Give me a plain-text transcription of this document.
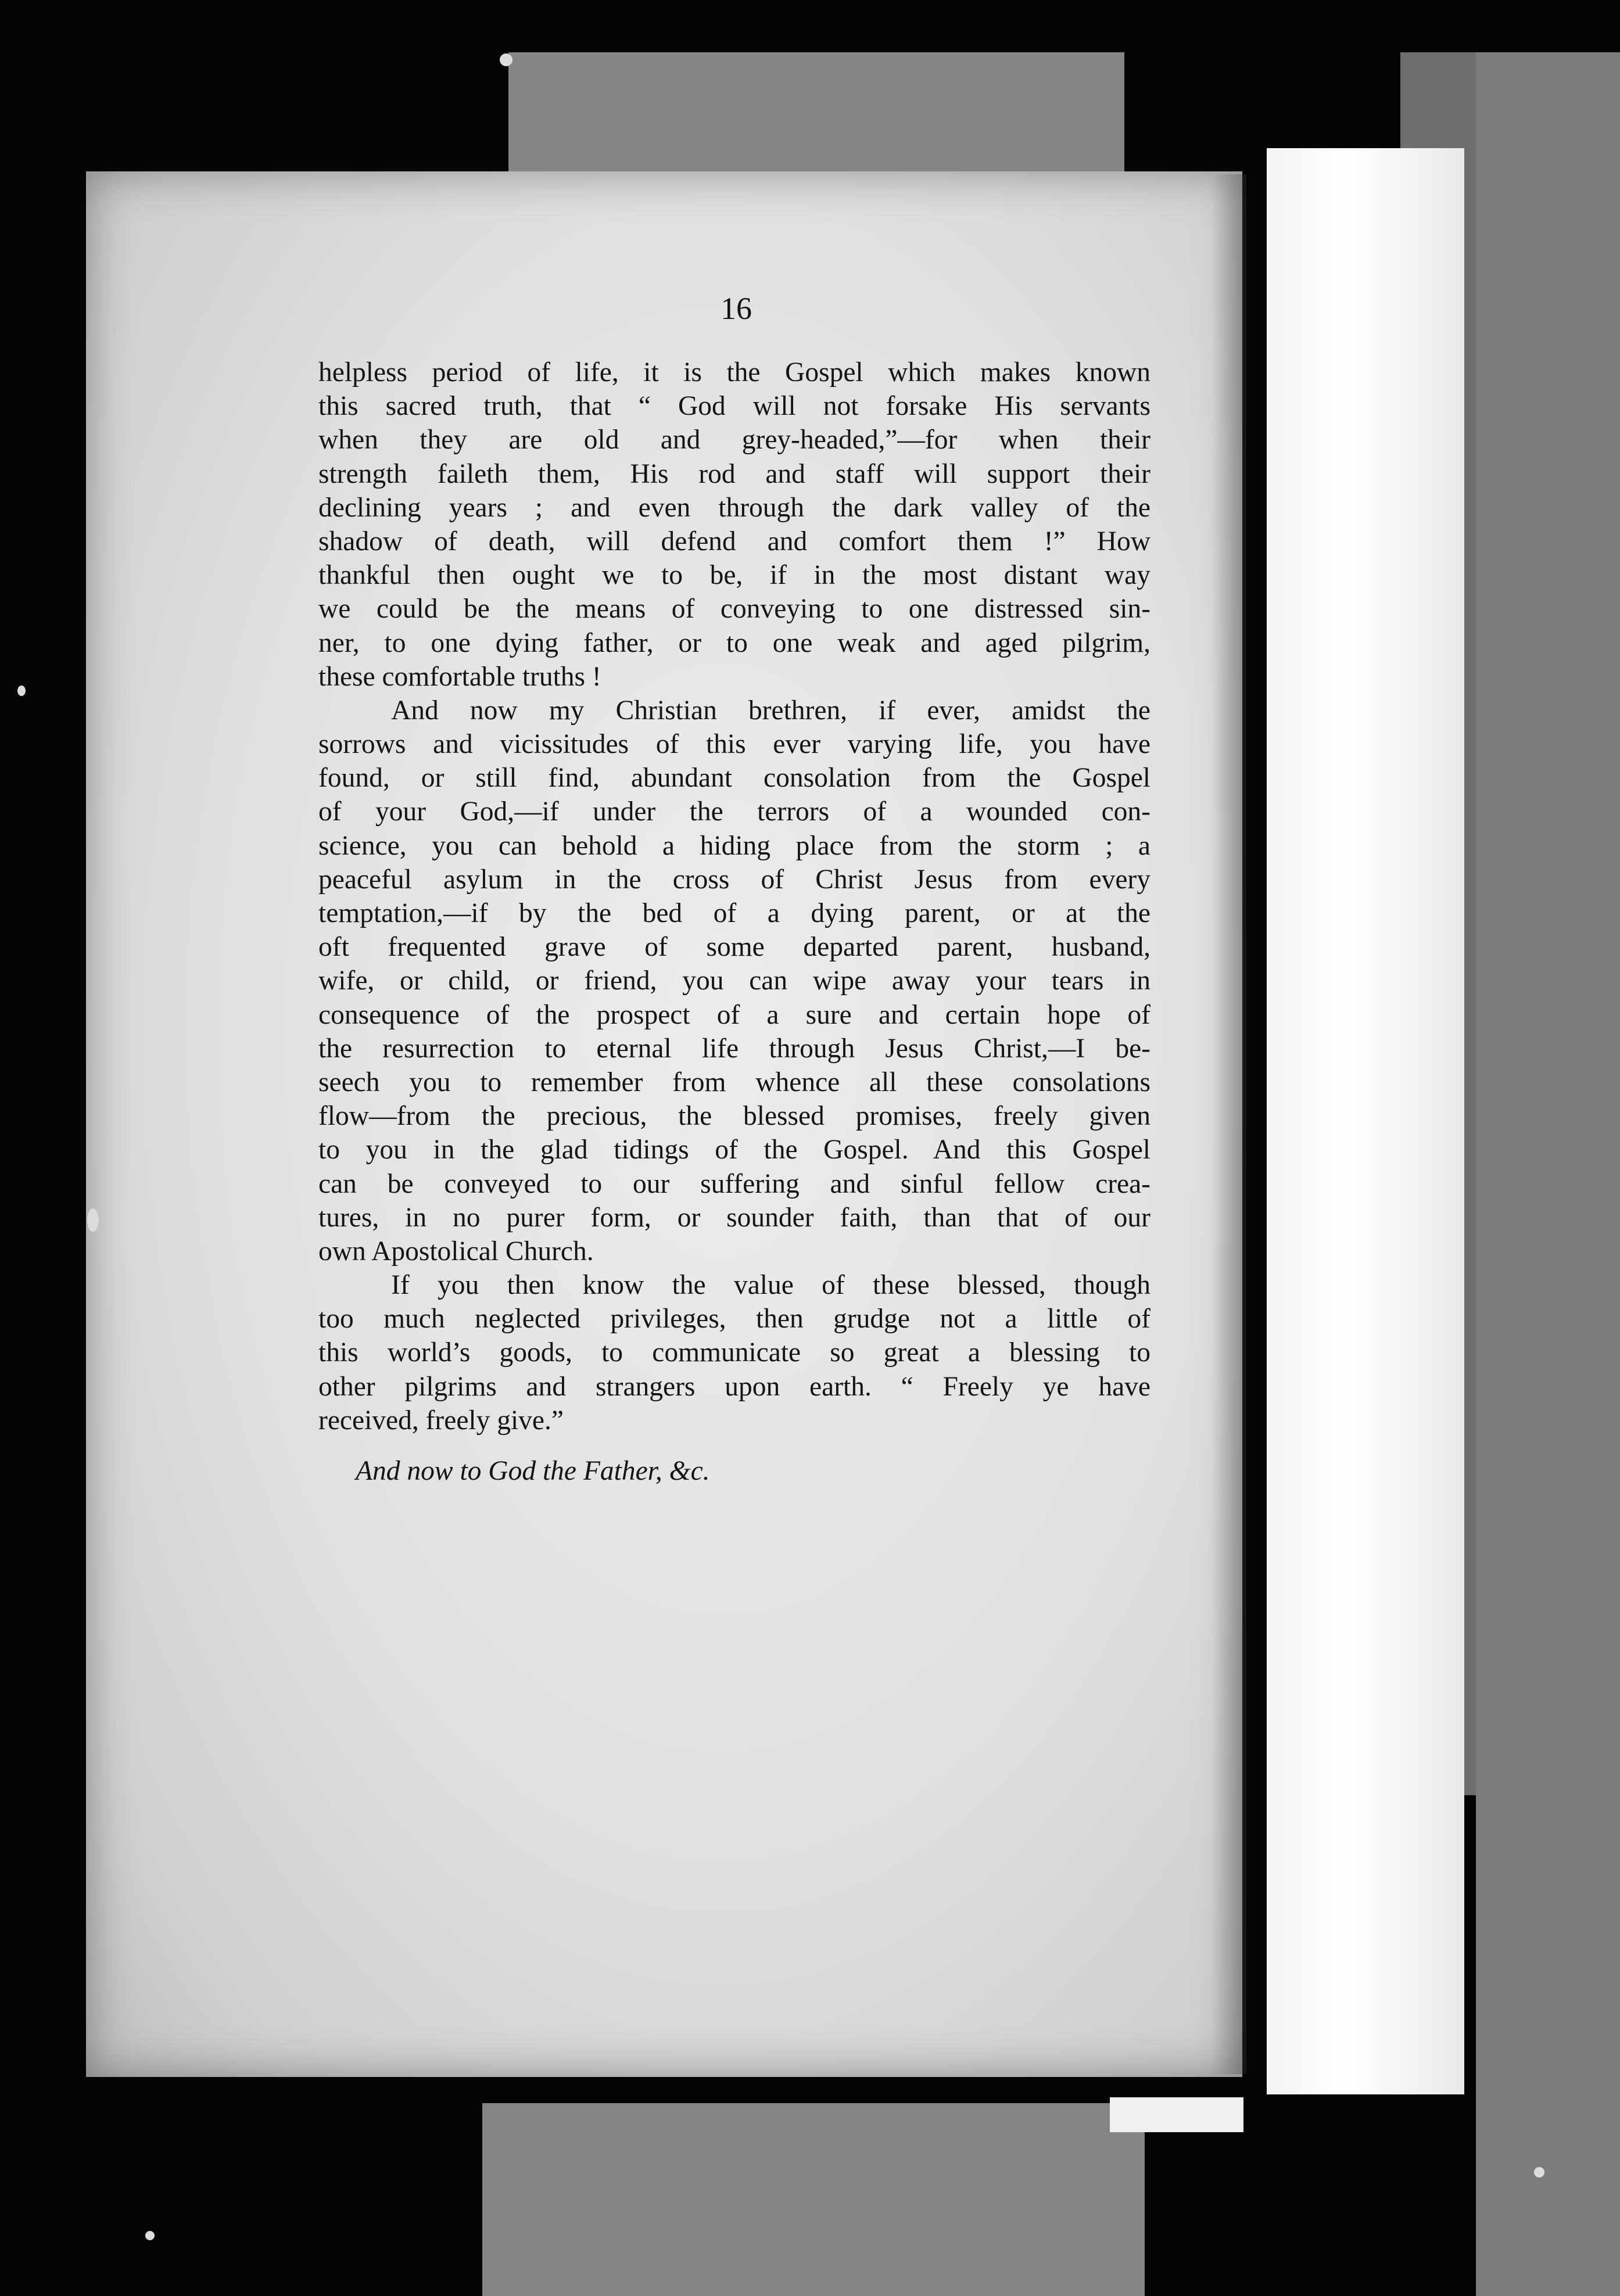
16
helpless period of life, it is the Gospel which makes known
this sacred truth, that “ God will not forsake His servants
when they are old and grey-headed,”—for when their
strength faileth them, His rod and staff will support their
declining years ; and even through the dark valley of the
shadow of death, will defend and comfort them !” How
thankful then ought we to be, if in the most distant way
we could be the means of conveying to one distressed sin-
ner, to one dying father, or to one weak and aged pilgrim,
these comfortable truths !
And now my Christian brethren, if ever, amidst the
sorrows and vicissitudes of this ever varying life, you have
found, or still find, abundant consolation from the Gospel
of your God,—if under the terrors of a wounded con-
science, you can behold a hiding place from the storm ; a
peaceful asylum in the cross of Christ Jesus from every
temptation,—if by the bed of a dying parent, or at the
oft frequented grave of some departed parent, husband,
wife, or child, or friend, you can wipe away your tears in
consequence of the prospect of a sure and certain hope of
the resurrection to eternal life through Jesus Christ,—I be-
seech you to remember from whence all these consolations
flow—from the precious, the blessed promises, freely given
to you in the glad tidings of the Gospel. And this Gospel
can be conveyed to our suffering and sinful fellow crea-
tures, in no purer form, or sounder faith, than that of our
own Apostolical Church.
If you then know the value of these blessed, though
too much neglected privileges, then grudge not a little of
this world’s goods, to communicate so great a blessing to
other pilgrims and strangers upon earth. “ Freely ye have
received, freely give.”
And now to God the Father, &c.
